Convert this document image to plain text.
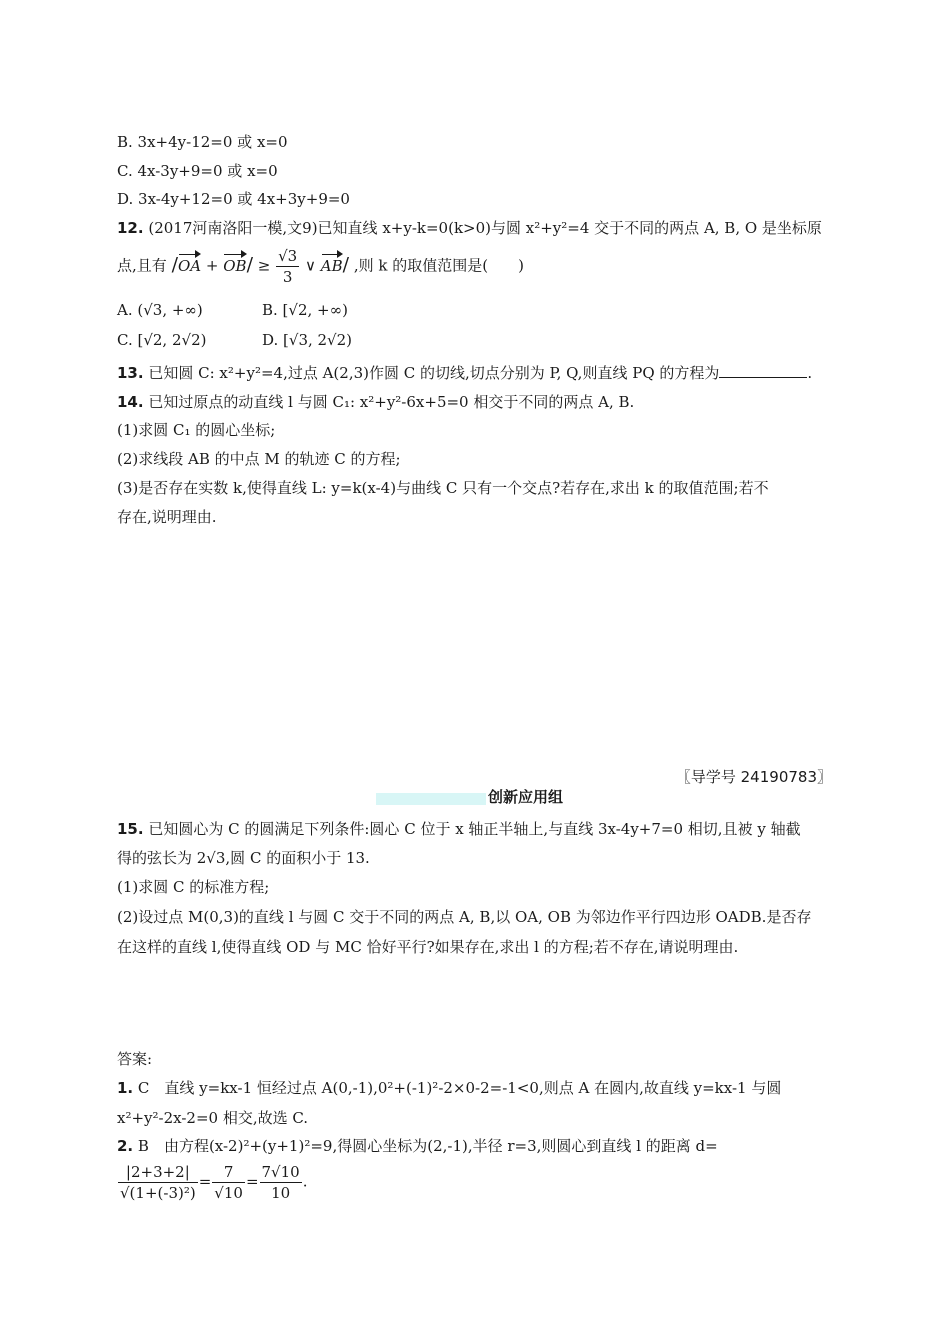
B. 3x+4y-12=0 或 x=0
C. 4x-3y+9=0 或 x=0
D. 3x-4y+12=0 或 4x+3y+9=0
12. (2017河南洛阳一模,文9)已知直线 x+y-k=0(k>0)与圆 x²+y²=4 交于不同的两点 A, B, O 是坐标原
点,且有 $/OA + OB/ \ge \frac{√3}{3}$ ∨ AB/ ,则 k 的取值范围是(　　)
A. (√3, +∞)	B. [√2, +∞)
C. [√2, 2√2)	D. [√3, 2√2)
13. 已知圆 C: x²+y²=4,过点 A(2,3)作圆 C 的切线,切点分别为 P, Q,则直线 PQ 的方程为	.
14. 已知过原点的动直线 l 与圆 C₁: x²+y²-6x+5=0 相交于不同的两点 A, B.
(1)求圆 C₁ 的圆心坐标;
(2)求线段 AB 的中点 M 的轨迹 C 的方程;
(3)是否存在实数 k,使得直线 L: y=k(x-4)与曲线 C 只有一个交点?若存在,求出 k 的取值范围;若不
存在,说明理由.
〖导学号 24190783〗
创新应用组
15. 已知圆心为 C 的圆满足下列条件:圆心 C 位于 x 轴正半轴上,与直线 3x-4y+7=0 相切,且被 y 轴截
得的弦长为 2√3,圆 C 的面积小于 13.
(1)求圆 C 的标准方程;
(2)设过点 M(0,3)的直线 l 与圆 C 交于不同的两点 A, B,以 OA, OB 为邻边作平行四边形 OADB.是否存
在这样的直线 l,使得直线 OD 与 MC 恰好平行?如果存在,求出 l 的方程;若不存在,请说明理由.
答案:
1. C　直线 y=kx-1 恒经过点 A(0,-1),0²+(-1)²-2×0-2=-1<0,则点 A 在圆内,故直线 y=kx-1 与圆
x²+y²-2x-2=0 相交,故选 C.
2. B　由方程(x-2)²+(y+1)²=9,得圆心坐标为(2,-1),半径 r=3,则圆心到直线 l 的距离 d=
$\frac{|2+3+2|}{\text{√(1+(-3)²)}} = \frac{7}{√10} = \frac{7√10}{10}$ .
